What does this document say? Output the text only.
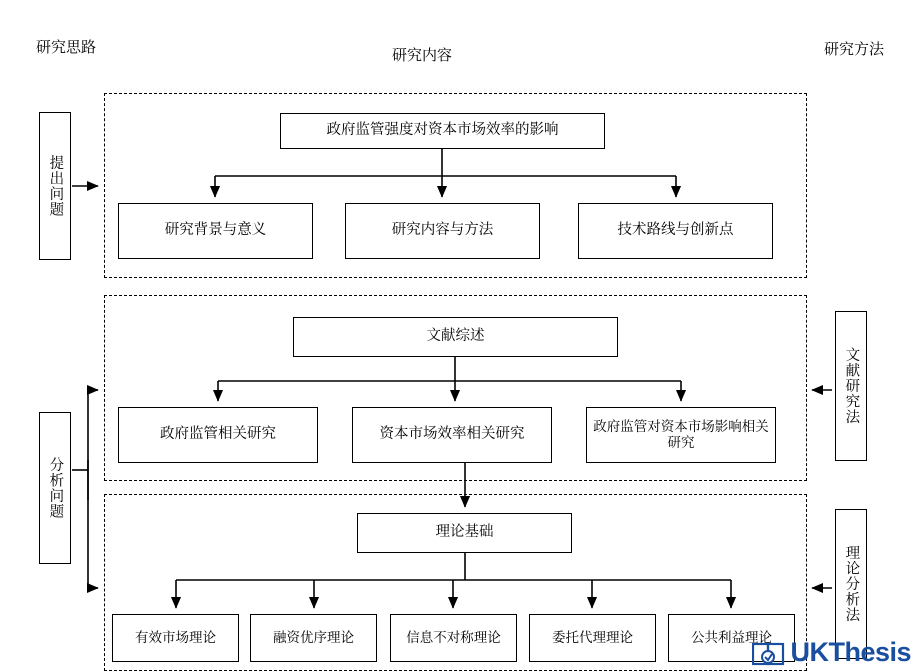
研究思路	研究内容	研究方法
提出问题
分析问题
文献研究法
理论分析法
政府监管强度对资本市场效率的影响
研究背景与意义	研究内容与方法	技术路线与创新点
文献综述
政府监管相关研究	资本市场效率相关研究
政府监管对资本市场影响相关研究
理论基础
有效市场理论	融资优序理论	信息不对称理论	委托代理理论	公共利益理论 UKThesis
